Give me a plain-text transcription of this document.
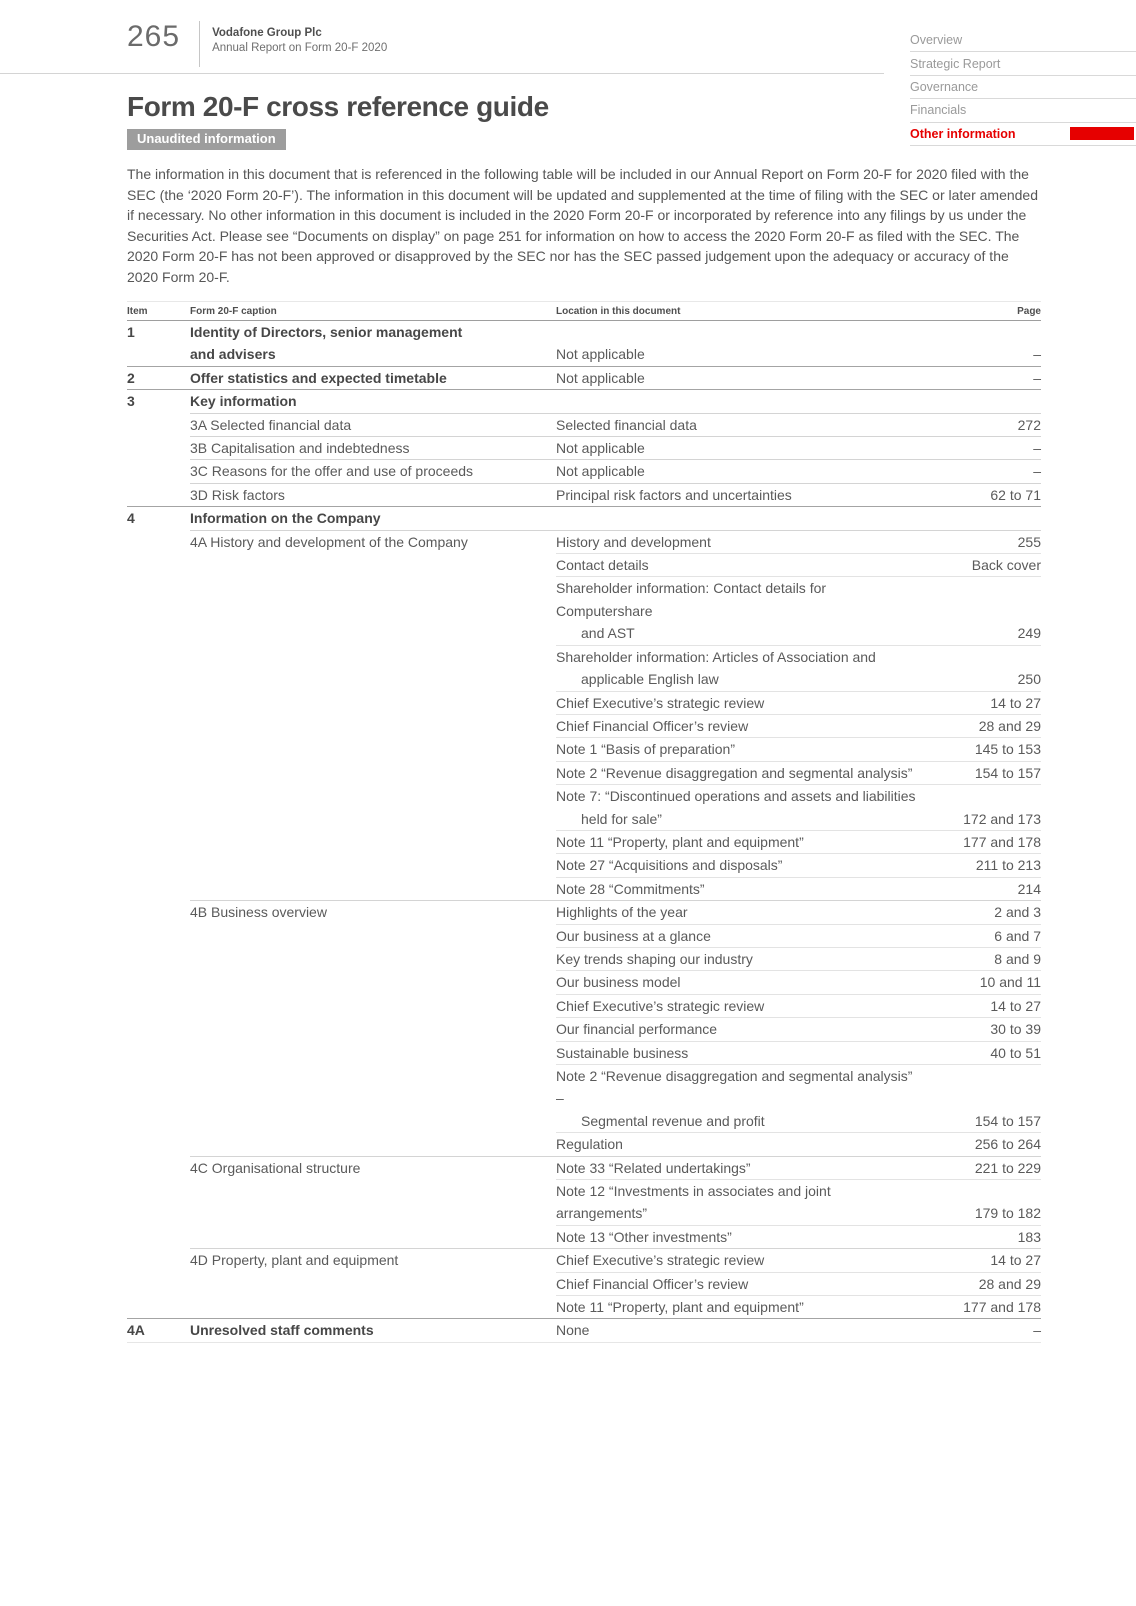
265	Vodafone Group Plc
Annual Report on Form 20-F 2020
Overview
Strategic Report
Governance
Financials
Other information
Form 20-F cross reference guide
Unaudited information

The information in this document that is referenced in the following table will be included in our Annual Report on Form 20-F for 2020 filed with the SEC (the ‘2020 Form 20-F’). The information in this document will be updated and supplemented at the time of filing with the SEC or later amended if necessary. No other information in this document is included in the 2020 Form 20-F or incorporated by reference into any filings by us under the Securities Act. Please see “Documents on display” on page 251 for information on how to access the 2020 Form 20-F as filed with the SEC. The 2020 Form 20-F has not been approved or disapproved by the SEC nor has the SEC passed judgement upon the adequacy or accuracy of the 2020 Form 20-F.

Item	Form 20-F caption	Location in this document	Page
1	Identity of Directors, senior management
and advisers	Not applicable	–
2	Offer statistics and expected timetable	Not applicable	–
3	Key information		
	3A Selected financial data	Selected financial data	272
	3B Capitalisation and indebtedness	Not applicable	–
	3C Reasons for the offer and use of proceeds	Not applicable	–
	3D Risk factors	Principal risk factors and uncertainties	62 to 71
4	Information on the Company		
	4A History and development of the Company	History and development	255
		Contact details	Back cover
		Shareholder information: Contact details for Computershare
and AST	249
		Shareholder information: Articles of Association and
applicable English law	250
		Chief Executive’s strategic review	14 to 27
		Chief Financial Officer’s review	28 and 29
		Note 1 “Basis of preparation”	145 to 153
		Note 2 “Revenue disaggregation and segmental analysis”	154 to 157
		Note 7: “Discontinued operations and assets and liabilities
held for sale”	172 and 173
		Note 11 “Property, plant and equipment”	177 and 178
		Note 27 “Acquisitions and disposals”	211 to 213
		Note 28 “Commitments”	214
	4B Business overview	Highlights of the year	2 and 3
		Our business at a glance	6 and 7
		Key trends shaping our industry	8 and 9
		Our business model	10 and 11
		Chief Executive’s strategic review	14 to 27
		Our financial performance	30 to 39
		Sustainable business	40 to 51
		Note 2 “Revenue disaggregation and segmental analysis” –
Segmental revenue and profit	154 to 157
		Regulation	256 to 264
	4C Organisational structure	Note 33 “Related undertakings”	221 to 229
		Note 12 “Investments in associates and joint arrangements”	179 to 182
		Note 13 “Other investments”	183
	4D Property, plant and equipment	Chief Executive’s strategic review	14 to 27
		Chief Financial Officer’s review	28 and 29
		Note 11 “Property, plant and equipment”	177 and 178
4A	Unresolved staff comments	None	–
